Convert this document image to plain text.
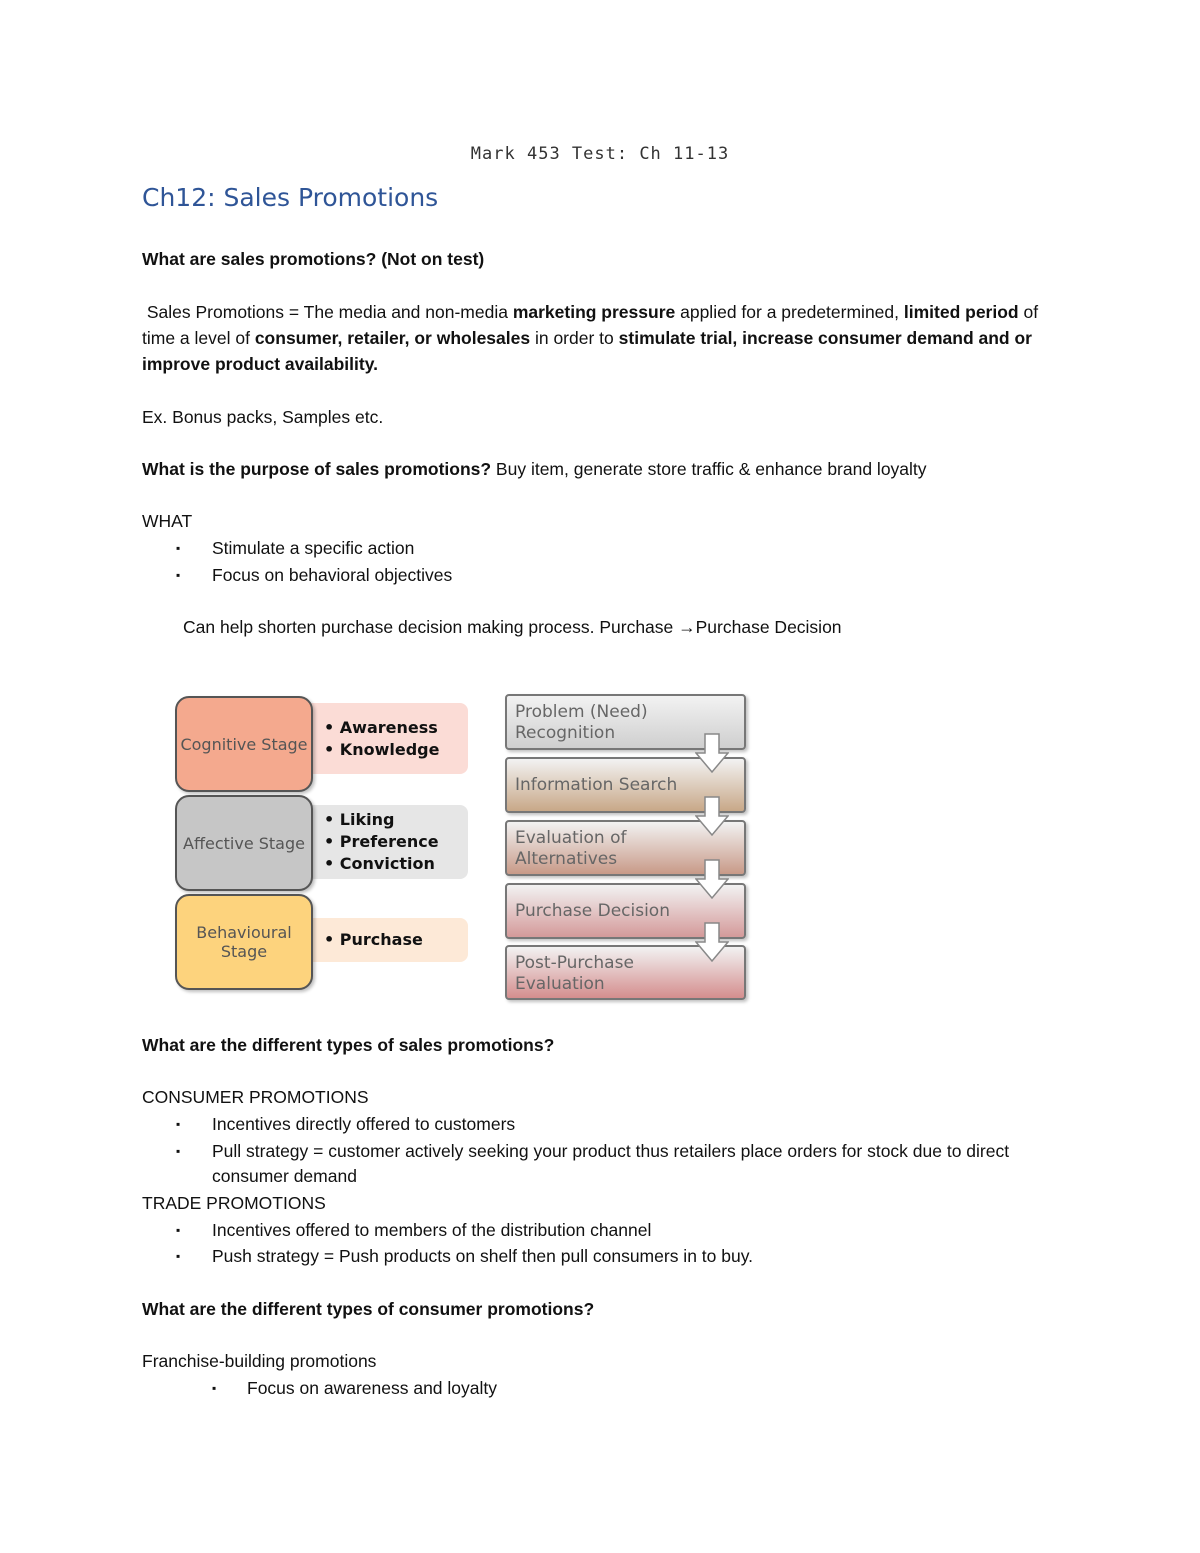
Mark 453 Test: Ch 11-13
Ch12: Sales Promotions
What are sales promotions? (Not on test)
Sales Promotions = The media and non-media marketing pressure applied for a predetermined, limited period of time a level of consumer, retailer, or wholesales in order to stimulate trial, increase consumer demand and or improve product availability.
Ex. Bonus packs, Samples etc.
What is the purpose of sales promotions? Buy item, generate store traffic & enhance brand loyalty
WHAT
▪ Stimulate a specific action
▪ Focus on behavioral objectives
Can help shorten purchase decision making process. Purchase →Purchase Decision
• Awareness
• Knowledge
Cognitive Stage
• Liking
• Preference
• Conviction
Affective Stage
• Purchase
Behavioural Stage
Problem (Need) Recognition
Information Search
Evaluation of Alternatives
Purchase Decision
Post-Purchase Evaluation
What are the different types of sales promotions?
CONSUMER PROMOTIONS
▪ Incentives directly offered to customers
▪ Pull strategy = customer actively seeking your product thus retailers place orders for stock due to direct consumer demand
TRADE PROMOTIONS
▪ Incentives offered to members of the distribution channel
▪ Push strategy = Push products on shelf then pull consumers in to buy.
What are the different types of consumer promotions?
Franchise-building promotions
▪ Focus on awareness and loyalty
